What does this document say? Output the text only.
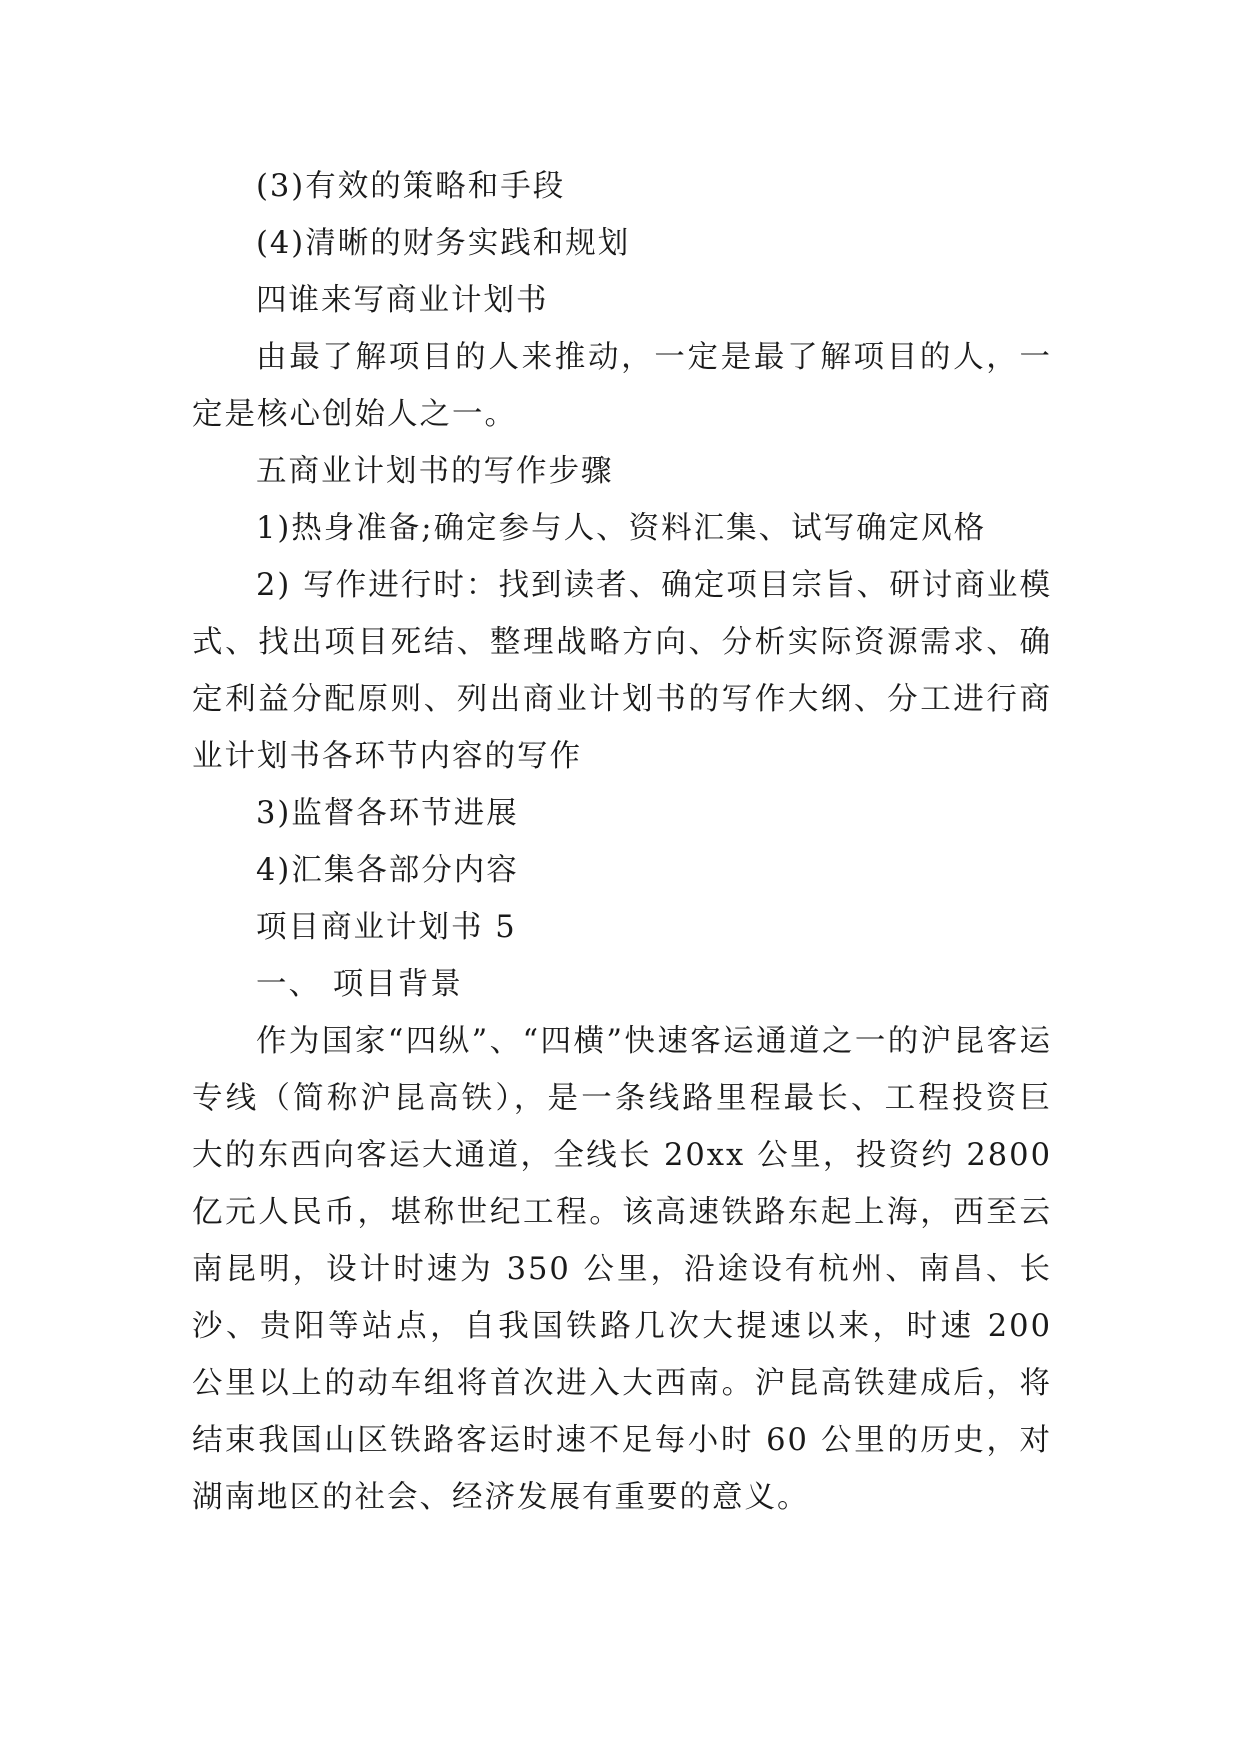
(3)有效的策略和手段

(4)清晰的财务实践和规划

四谁来写商业计划书

由最了解项目的人来推动，一定是最了解项目的人，一定是核心创始人之一。

五商业计划书的写作步骤

1)热身准备;确定参与人、资料汇集、试写确定风格

2) 写作进行时：找到读者、确定项目宗旨、研讨商业模式、找出项目死结、整理战略方向、分析实际资源需求、确定利益分配原则、列出商业计划书的写作大纲、分工进行商业计划书各环节内容的写作

3)监督各环节进展

4)汇集各部分内容

项目商业计划书 5

一、 项目背景

作为国家“四纵”、“四横”快速客运通道之一的沪昆客运专线（简称沪昆高铁），是一条线路里程最长、工程投资巨大的东西向客运大通道，全线长 20xx 公里，投资约 2800 亿元人民币，堪称世纪工程。该高速铁路东起上海，西至云南昆明，设计时速为 350 公里，沿途设有杭州、南昌、长沙、贵阳等站点，自我国铁路几次大提速以来，时速 200 公里以上的动车组将首次进入大西南。沪昆高铁建成后，将结束我国山区铁路客运时速不足每小时 60 公里的历史，对湖南地区的社会、经济发展有重要的意义。
